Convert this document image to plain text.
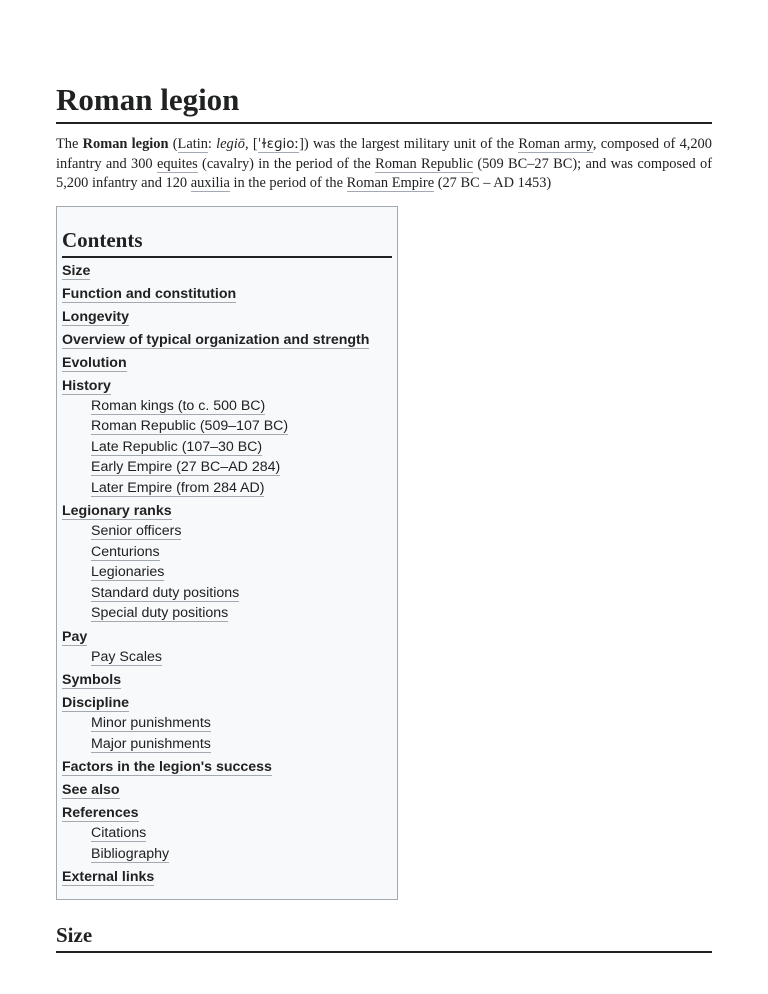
Roman legion

The Roman legion (Latin: legiō, [ˈɫɛɡioː]) was the largest military unit of the Roman army, composed of 4,200 infantry and 300 equites (cavalry) in the period of the Roman Republic (509 BC–27 BC); and was composed of 5,200 infantry and 120 auxilia in the period of the Roman Empire (27 BC – AD 1453)

Contents
Size
Function and constitution
Longevity
Overview of typical organization and strength
Evolution
History
Roman kings (to c. 500 BC)
Roman Republic (509–107 BC)
Late Republic (107–30 BC)
Early Empire (27 BC–AD 284)
Later Empire (from 284 AD)
Legionary ranks
Senior officers
Centurions
Legionaries
Standard duty positions
Special duty positions
Pay
Pay Scales
Symbols
Discipline
Minor punishments
Major punishments
Factors in the legion's success
See also
References
Citations
Bibliography
External links
Size
